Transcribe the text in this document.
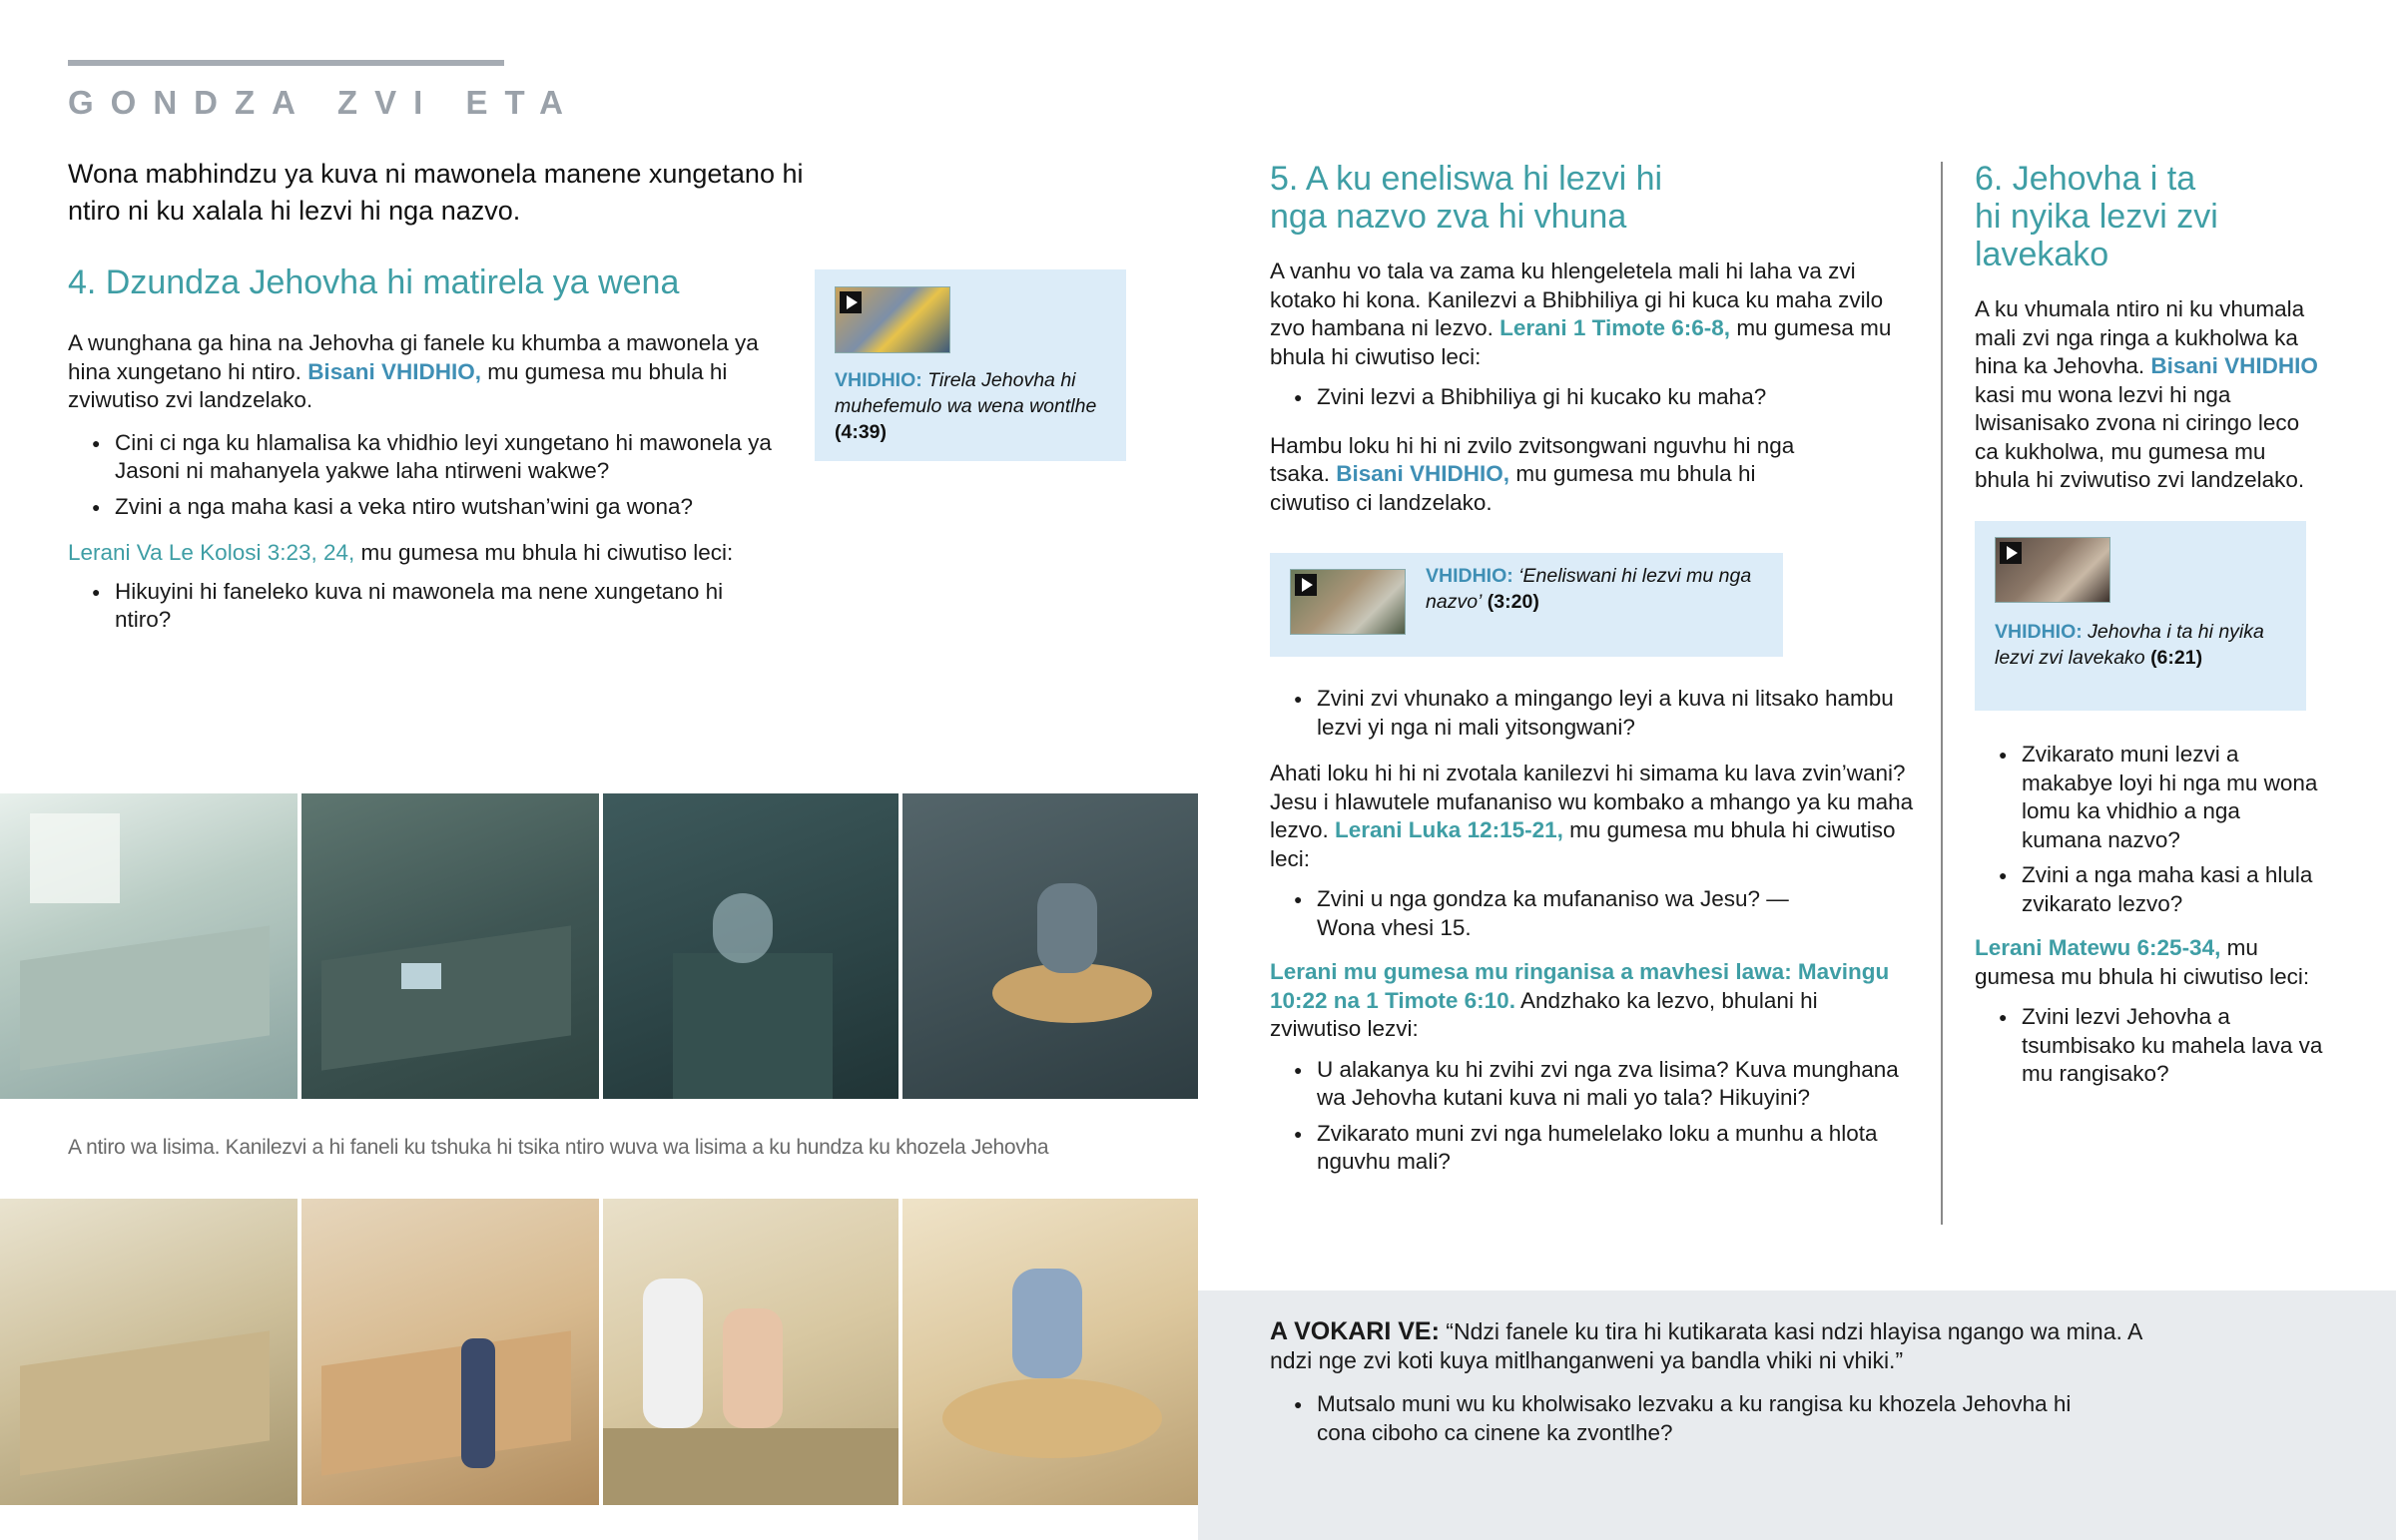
GONDZA ZVI ETA
Wona mabhindzu ya kuva ni mawonela manene xungetano hi ntiro ni ku xalala hi lezvi hi nga nazvo.
4. Dzundza Jehovha hi matirela ya wena

A wunghana ga hina na Jehovha gi fanele ku khumba a mawonela ya hina xungetano hi ntiro. Bisani VHIDHIO, mu gumesa mu bhula hi zviwutiso zvi landzelako.

● Cini ci nga ku hlamalisa ka vhidhio leyi xungetano hi mawonela ya Jasoni ni mahanyela yakwe laha ntirweni wakwe?
● Zvini a nga maha kasi a veka ntiro wutshan’wini ga wona?

Lerani Va Le Kolosi 3:23, 24, mu gumesa mu bhula hi ciwutiso leci:

● Hikuyini hi faneleko kuva ni mawonela ma nene xungetano hi ntiro?
VHIDHIO: Tirela Jehovha hi muhefemulo wa wena wontlhe (4:39)
A ntiro wa lisima. Kanilezvi a hi faneli ku tshuka hi tsika ntiro wuva wa lisima a ku hundza ku khozela Jehovha
5. A ku eneliswa hi lezvi hi
nga nazvo zva hi vhuna

A vanhu vo tala va zama ku hlengeletela mali hi laha va zvi kotako hi kona. Kanilezvi a Bhibhiliya gi hi kuca ku maha zvilo zvo hambana ni lezvo. Lerani 1 Timote 6:6-8, mu gumesa mu bhula hi ciwutiso leci:

● Zvini lezvi a Bhibhiliya gi hi kucako ku maha?

Hambu loku hi hi ni zvilo zvitsongwani nguvhu hi nga tsaka. Bisani VHIDHIO, mu gumesa mu bhula hi ciwutiso ci landzelako.

VHIDHIO: ‘Eneliswani hi lezvi mu nga nazvo’ (3:20)
● Zvini zvi vhunako a mingango leyi a kuva ni litsako hambu lezvi yi nga ni mali yitsongwani?

Ahati loku hi hi ni zvotala kanilezvi hi simama ku lava zvin’wani? Jesu i hlawutele mufananiso wu kombako a mhango ya ku maha lezvo. Lerani Luka 12:15-21, mu gumesa mu bhula hi ciwutiso leci:

● Zvini u nga gondza ka mufananiso wa Jesu? — Wona vhesi 15.

Lerani mu gumesa mu ringanisa a mavhesi lawa: Mavingu 10:22 na 1 Timote 6:10. Andzhako ka lezvo, bhulani hi zviwutiso lezvi:

● U alakanya ku hi zvihi zvi nga zva lisima? Kuva munghana wa Jehovha kutani kuva ni mali yo tala? Hikuyini?
● Zvikarato muni zvi nga humelelako loku a munhu a hlota nguvhu mali?
6. Jehovha i ta
hi nyika lezvi zvi
lavekako

A ku vhumala ntiro ni ku vhumala mali zvi nga ringa a kukholwa ka hina ka Jehovha. Bisani VHIDHIO kasi mu wona lezvi hi nga lwisanisako zvona ni ciringo leco ca kukholwa, mu gumesa mu bhula hi zviwutiso zvi landzelako.

VHIDHIO: Jehovha i ta hi nyika lezvi zvi lavekako (6:21)
● Zvikarato muni lezvi a makabye loyi hi nga mu wona lomu ka vhidhio a nga kumana nazvo?
● Zvini a nga maha kasi a hlula zvikarato lezvo?

Lerani Matewu 6:25-34, mu gumesa mu bhula hi ciwutiso leci:

● Zvini lezvi Jehovha a tsumbisako ku mahela lava va mu rangisako?

A VOKARI VE: “Ndzi fanele ku tira hi kutikarata kasi ndzi hlayisa ngango wa mina. A ndzi nge zvi koti kuya mitlhanganweni ya bandla vhiki ni vhiki.”

● Mutsalo muni wu ku kholwisako lezvaku a ku rangisa ku khozela Jehovha hi cona ciboho ca cinene ka zvontlhe?
